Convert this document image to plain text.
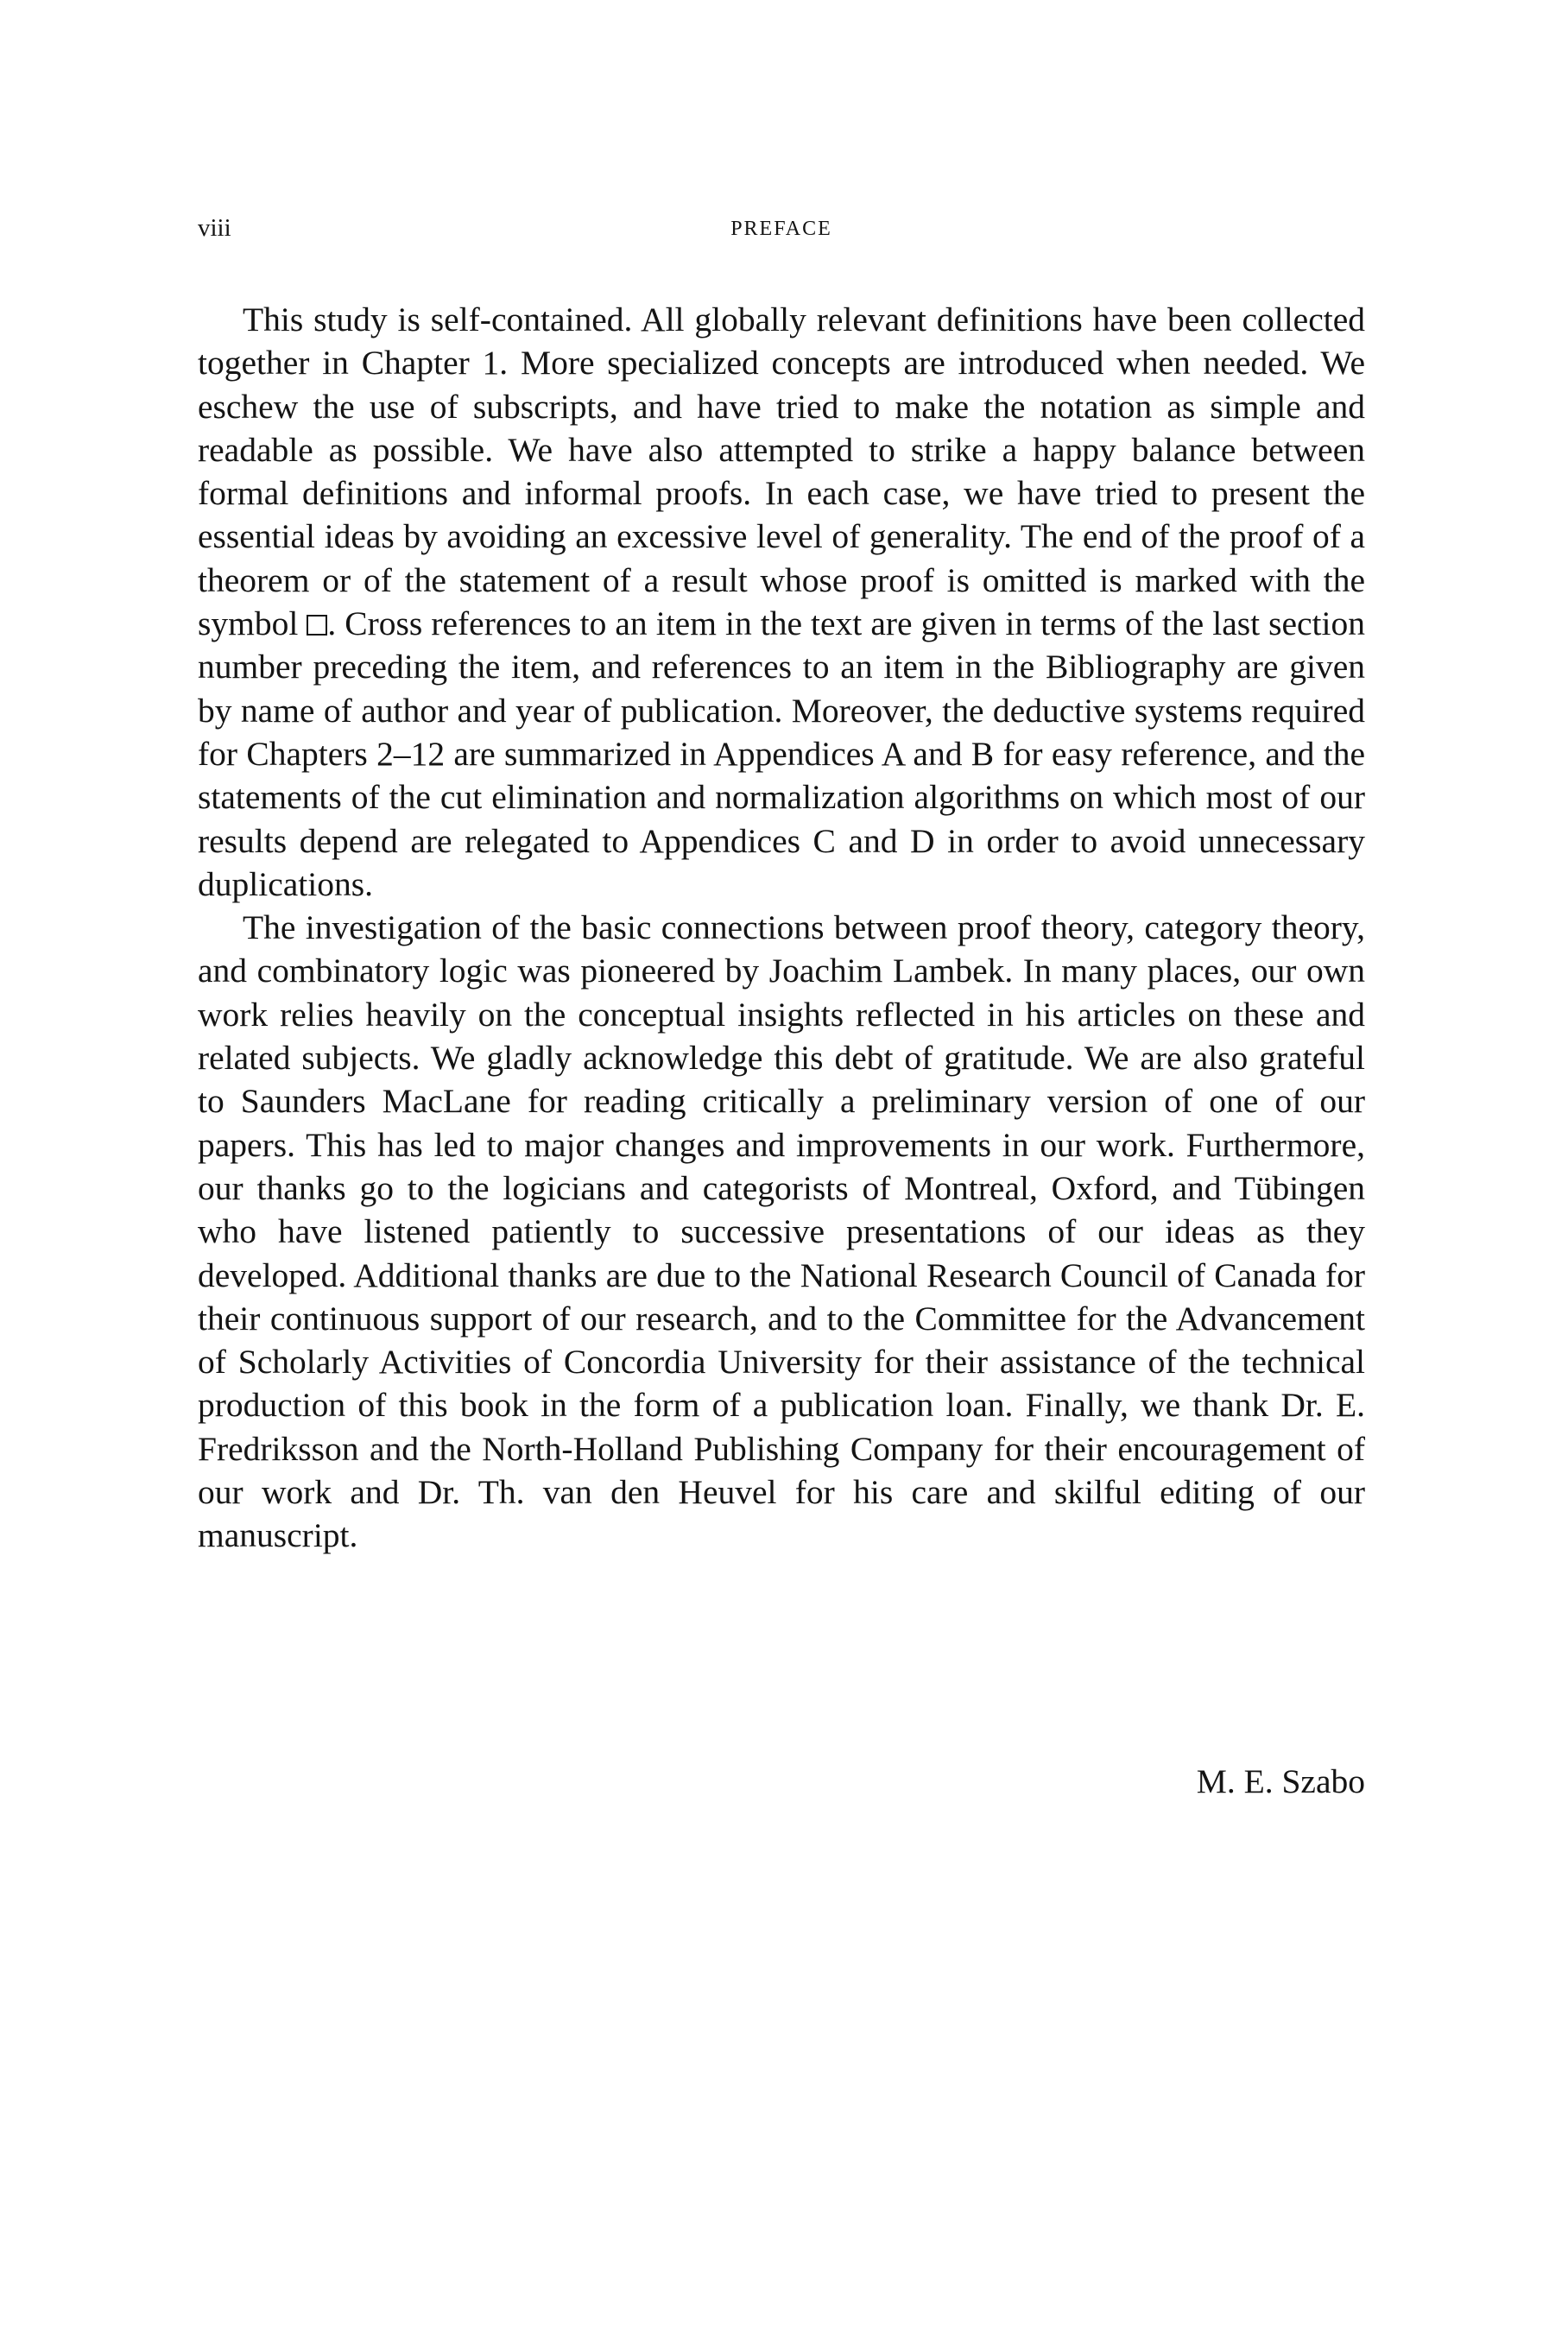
viii	PREFACE

This study is self-contained. All globally relevant definitions have been collected together in Chapter 1. More specialized concepts are introduced when needed. We eschew the use of subscripts, and have tried to make the notation as simple and readable as possible. We have also attempted to strike a happy balance between formal definitions and informal proofs. In each case, we have tried to present the essential ideas by avoiding an excessive level of generality. The end of the proof of a theorem or of the statement of a result whose proof is omitted is marked with the symbol . Cross references to an item in the text are given in terms of the last section number preceding the item, and references to an item in the Bibliography are given by name of author and year of publication. Moreover, the deductive systems required for Chapters 2–12 are summarized in Appendices A and B for easy reference, and the statements of the cut elimination and normalization algorithms on which most of our results depend are relegated to Appendices C and D in order to avoid unnecessary duplications.

The investigation of the basic connections between proof theory, category theory, and combinatory logic was pioneered by Joachim Lambek. In many places, our own work relies heavily on the conceptual insights reflected in his articles on these and related subjects. We gladly acknowledge this debt of gratitude. We are also grateful to Saunders MacLane for reading critically a preliminary version of one of our papers. This has led to major changes and improvements in our work. Furthermore, our thanks go to the logicians and categorists of Montreal, Oxford, and Tübingen who have listened patiently to successive presentations of our ideas as they developed. Additional thanks are due to the National Research Council of Canada for their continuous support of our research, and to the Committee for the Advancement of Scholarly Activities of Concordia University for their assistance of the technical production of this book in the form of a publication loan. Finally, we thank Dr. E. Fredriksson and the North-Holland Publishing Company for their encouragement of our work and Dr. Th. van den Heuvel for his care and skilful editing of our manuscript.

M. E. Szabo
